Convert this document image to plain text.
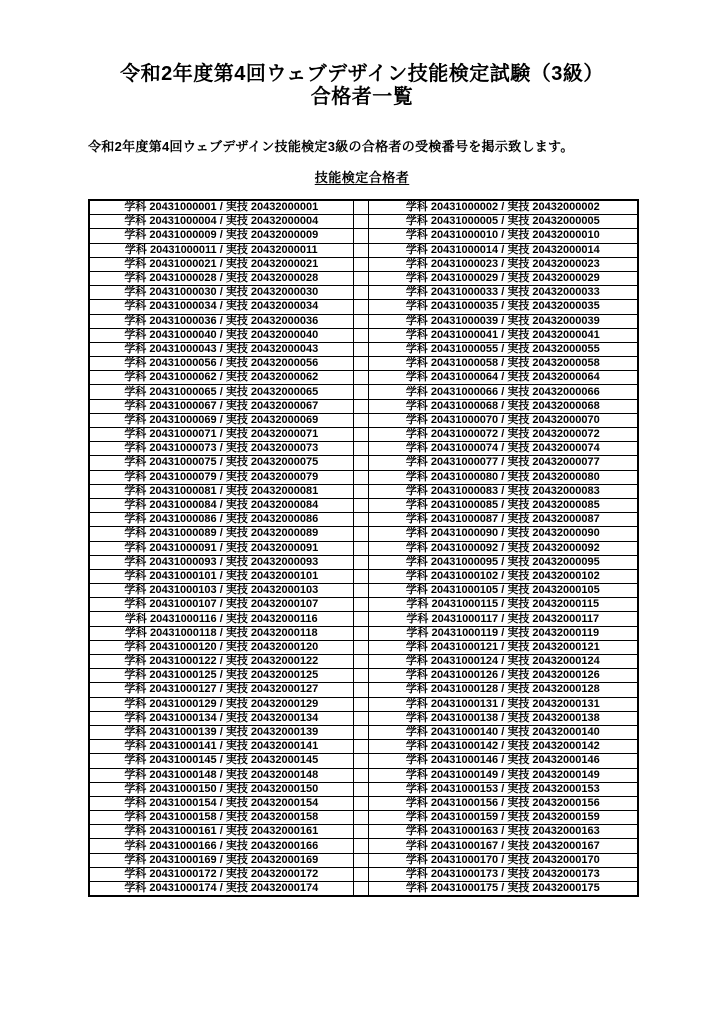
令和2年度第4回ウェブデザイン技能検定試験（3級）
合格者一覧

令和2年度第4回ウェブデザイン技能検定3級の合格者の受検番号を掲示致します。

技能検定合格者
学科 20431000001 / 実技 20432000001		学科 20431000002 / 実技 20432000002
学科 20431000004 / 実技 20432000004		学科 20431000005 / 実技 20432000005
学科 20431000009 / 実技 20432000009		学科 20431000010 / 実技 20432000010
学科 20431000011 / 実技 20432000011		学科 20431000014 / 実技 20432000014
学科 20431000021 / 実技 20432000021		学科 20431000023 / 実技 20432000023
学科 20431000028 / 実技 20432000028		学科 20431000029 / 実技 20432000029
学科 20431000030 / 実技 20432000030		学科 20431000033 / 実技 20432000033
学科 20431000034 / 実技 20432000034		学科 20431000035 / 実技 20432000035
学科 20431000036 / 実技 20432000036		学科 20431000039 / 実技 20432000039
学科 20431000040 / 実技 20432000040		学科 20431000041 / 実技 20432000041
学科 20431000043 / 実技 20432000043		学科 20431000055 / 実技 20432000055
学科 20431000056 / 実技 20432000056		学科 20431000058 / 実技 20432000058
学科 20431000062 / 実技 20432000062		学科 20431000064 / 実技 20432000064
学科 20431000065 / 実技 20432000065		学科 20431000066 / 実技 20432000066
学科 20431000067 / 実技 20432000067		学科 20431000068 / 実技 20432000068
学科 20431000069 / 実技 20432000069		学科 20431000070 / 実技 20432000070
学科 20431000071 / 実技 20432000071		学科 20431000072 / 実技 20432000072
学科 20431000073 / 実技 20432000073		学科 20431000074 / 実技 20432000074
学科 20431000075 / 実技 20432000075		学科 20431000077 / 実技 20432000077
学科 20431000079 / 実技 20432000079		学科 20431000080 / 実技 20432000080
学科 20431000081 / 実技 20432000081		学科 20431000083 / 実技 20432000083
学科 20431000084 / 実技 20432000084		学科 20431000085 / 実技 20432000085
学科 20431000086 / 実技 20432000086		学科 20431000087 / 実技 20432000087
学科 20431000089 / 実技 20432000089		学科 20431000090 / 実技 20432000090
学科 20431000091 / 実技 20432000091		学科 20431000092 / 実技 20432000092
学科 20431000093 / 実技 20432000093		学科 20431000095 / 実技 20432000095
学科 20431000101 / 実技 20432000101		学科 20431000102 / 実技 20432000102
学科 20431000103 / 実技 20432000103		学科 20431000105 / 実技 20432000105
学科 20431000107 / 実技 20432000107		学科 20431000115 / 実技 20432000115
学科 20431000116 / 実技 20432000116		学科 20431000117 / 実技 20432000117
学科 20431000118 / 実技 20432000118		学科 20431000119 / 実技 20432000119
学科 20431000120 / 実技 20432000120		学科 20431000121 / 実技 20432000121
学科 20431000122 / 実技 20432000122		学科 20431000124 / 実技 20432000124
学科 20431000125 / 実技 20432000125		学科 20431000126 / 実技 20432000126
学科 20431000127 / 実技 20432000127		学科 20431000128 / 実技 20432000128
学科 20431000129 / 実技 20432000129		学科 20431000131 / 実技 20432000131
学科 20431000134 / 実技 20432000134		学科 20431000138 / 実技 20432000138
学科 20431000139 / 実技 20432000139		学科 20431000140 / 実技 20432000140
学科 20431000141 / 実技 20432000141		学科 20431000142 / 実技 20432000142
学科 20431000145 / 実技 20432000145		学科 20431000146 / 実技 20432000146
学科 20431000148 / 実技 20432000148		学科 20431000149 / 実技 20432000149
学科 20431000150 / 実技 20432000150		学科 20431000153 / 実技 20432000153
学科 20431000154 / 実技 20432000154		学科 20431000156 / 実技 20432000156
学科 20431000158 / 実技 20432000158		学科 20431000159 / 実技 20432000159
学科 20431000161 / 実技 20432000161		学科 20431000163 / 実技 20432000163
学科 20431000166 / 実技 20432000166		学科 20431000167 / 実技 20432000167
学科 20431000169 / 実技 20432000169		学科 20431000170 / 実技 20432000170
学科 20431000172 / 実技 20432000172		学科 20431000173 / 実技 20432000173
学科 20431000174 / 実技 20432000174		学科 20431000175 / 実技 20432000175
